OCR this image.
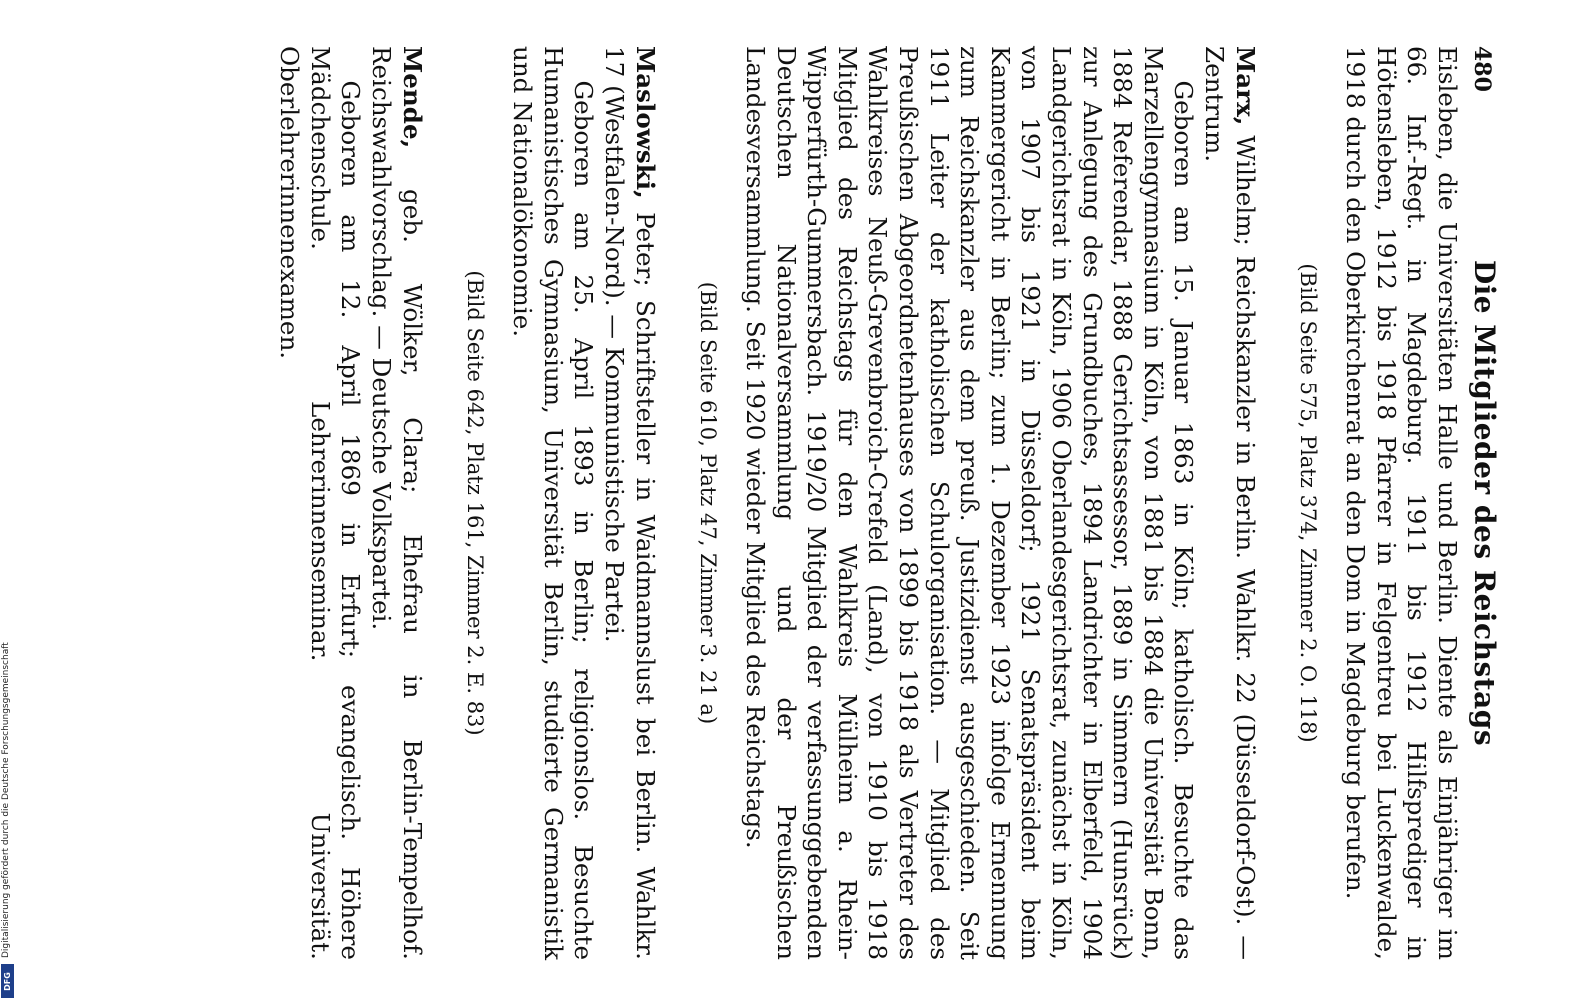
480
Die Mitglieder des Reichstags

Eisleben, die Universitäten Halle und Berlin. Diente als Einjähriger im 66. Inf.-Regt. in Magdeburg. 1911 bis 1912 Hilfsprediger in Hötensleben, 1912 bis 1918 Pfarrer in Felgentreu bei Luckenwalde, 1918 durch den Oberkirchenrat an den Dom in Magdeburg berufen.

(Bild Seite 575, Platz 374, Zimmer 2. O. 118)

Marx, Wilhelm; Reichskanzler in Berlin. Wahlkr. 22 (Düsseldorf-Ost). — Zentrum.

Geboren am 15. Januar 1863 in Köln; katholisch. Besuchte das Marzellengymnasium in Köln, von 1881 bis 1884 die Universität Bonn, 1884 Referendar, 1888 Gerichtsassessor, 1889 in Simmern (Hunsrück) zur Anlegung des Grundbuches, 1894 Landrichter in Elberfeld, 1904 Landgerichtsrat in Köln, 1906 Oberlandesgerichtsrat, zunächst in Köln, von 1907 bis 1921 in Düsseldorf; 1921 Senatspräsident beim Kammergericht in Berlin; zum 1. Dezember 1923 infolge Ernennung zum Reichskanzler aus dem preuß. Justizdienst ausgeschieden. Seit 1911 Leiter der katholischen Schulorganisation. — Mitglied des Preußischen Abgeordnetenhauses von 1899 bis 1918 als Vertreter des Wahlkreises Neuß-Grevenbroich-Crefeld (Land), von 1910 bis 1918 Mitglied des Reichstags für den Wahlkreis Mülheim a. Rhein-Wipperfürth-Gummersbach. 1919/20 Mitglied der verfassunggebenden Deutschen Nationalversammlung und der Preußischen Landesversammlung. Seit 1920 wieder Mitglied des Reichstags.

(Bild Seite 610, Platz 47, Zimmer 3. 21 a)

Maslowski, Peter; Schriftsteller in Waidmannslust bei Berlin. Wahlkr. 17 (Westfalen-Nord). — Kommunistische Partei.

Geboren am 25. April 1893 in Berlin; religionslos. Besuchte Humanistisches Gymnasium, Universität Berlin, studierte Germanistik und Nationalökonomie.

(Bild Seite 642, Platz 161, Zimmer 2. E. 83)

Mende, geb. Wölker, Clara; Ehefrau in Berlin-Tempelhof. Reichswahlvorschlag. — Deutsche Volkspartei.

Geboren am 12. April 1869 in Erfurt; evangelisch. Höhere Mädchenschule. Lehrerinnenseminar. Universität. Oberlehrerinnenexamen.

Digitalisierung gefördert durch die Deutsche Forschungsgemeinschaft
DFG
